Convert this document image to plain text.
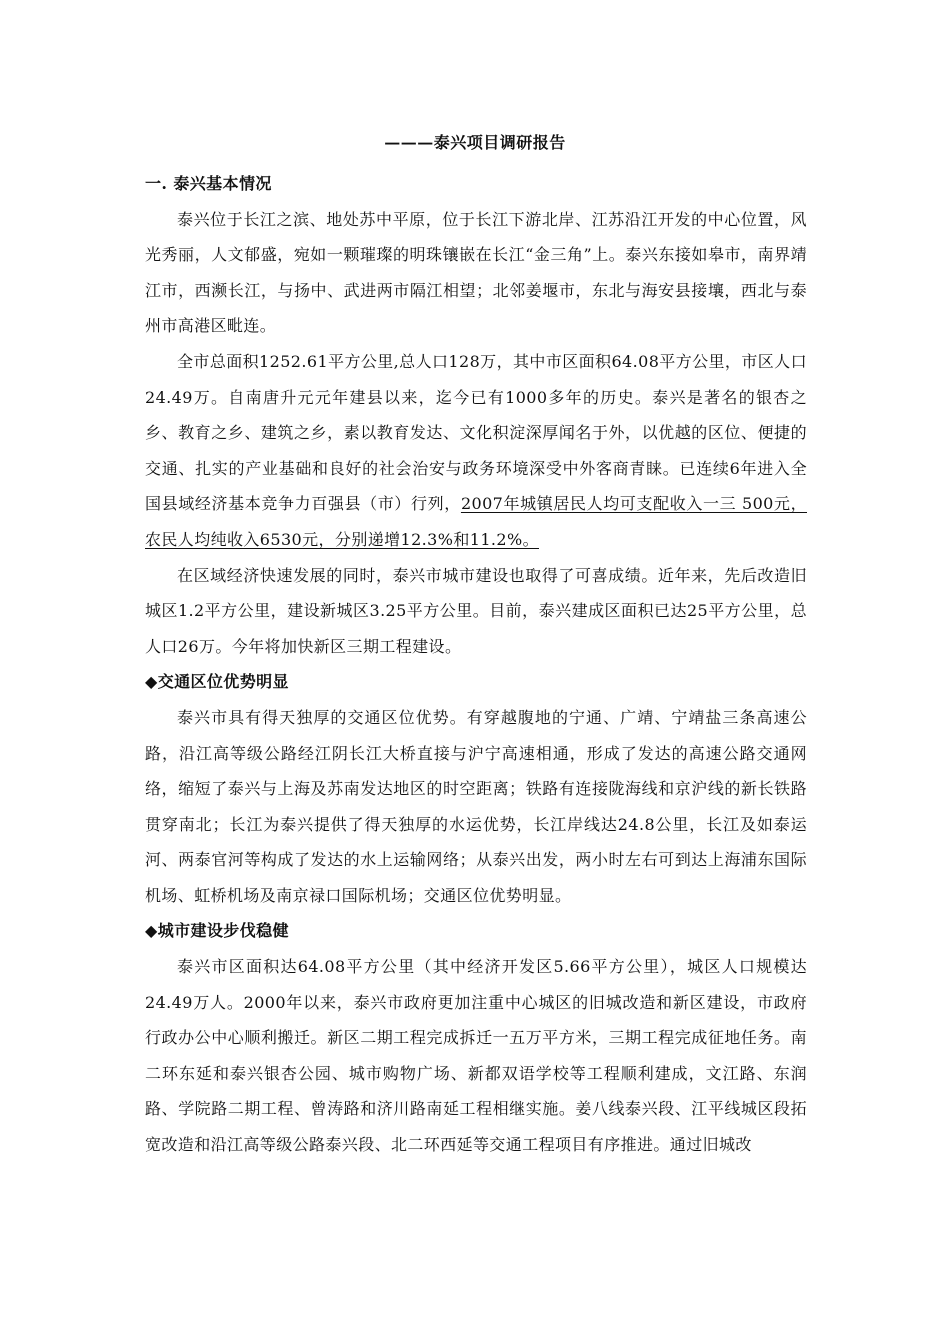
———泰兴项目调研报告

一. 泰兴基本情况

泰兴位于长江之滨、地处苏中平原，位于长江下游北岸、江苏沿江开发的中心位置，风光秀丽，人文郁盛，宛如一颗璀璨的明珠镶嵌在长江“金三角”上。泰兴东接如皋市，南界靖江市，西濒长江，与扬中、武进两市隔江相望；北邻姜堰市，东北与海安县接壤，西北与泰州市高港区毗连。

全市总面积1252.61平方公里,总人口128万，其中市区面积64.08平方公里，市区人口24.49万。自南唐升元元年建县以来，迄今已有1000多年的历史。泰兴是著名的银杏之乡、教育之乡、建筑之乡，素以教育发达、文化积淀深厚闻名于外，以优越的区位、便捷的交通、扎实的产业基础和良好的社会治安与政务环境深受中外客商青睐。已连续6年进入全国县域经济基本竞争力百强县（市）行列，2007年城镇居民人均可支配收入一三 500元，农民人均纯收入6530元，分别递增12.3%和11.2%。

在区域经济快速发展的同时，泰兴市城市建设也取得了可喜成绩。近年来，先后改造旧城区1.2平方公里，建设新城区3.25平方公里。目前，泰兴建成区面积已达25平方公里，总人口26万。今年将加快新区三期工程建设。

◆交通区位优势明显

泰兴市具有得天独厚的交通区位优势。有穿越腹地的宁通、广靖、宁靖盐三条高速公路，沿江高等级公路经江阴长江大桥直接与沪宁高速相通，形成了发达的高速公路交通网络，缩短了泰兴与上海及苏南发达地区的时空距离；铁路有连接陇海线和京沪线的新长铁路贯穿南北；长江为泰兴提供了得天独厚的水运优势，长江岸线达24.8公里，长江及如泰运河、两泰官河等构成了发达的水上运输网络；从泰兴出发，两小时左右可到达上海浦东国际机场、虹桥机场及南京禄口国际机场；交通区位优势明显。

◆城市建设步伐稳健

泰兴市区面积达64.08平方公里（其中经济开发区5.66平方公里），城区人口规模达24.49万人。2000年以来，泰兴市政府更加注重中心城区的旧城改造和新区建设，市政府行政办公中心顺利搬迁。新区二期工程完成拆迁一五万平方米，三期工程完成征地任务。南二环东延和泰兴银杏公园、城市购物广场、新都双语学校等工程顺利建成，文江路、东润路、学院路二期工程、曾涛路和济川路南延工程相继实施。姜八线泰兴段、江平线城区段拓宽改造和沿江高等级公路泰兴段、北二环西延等交通工程项目有序推进。通过旧城改
